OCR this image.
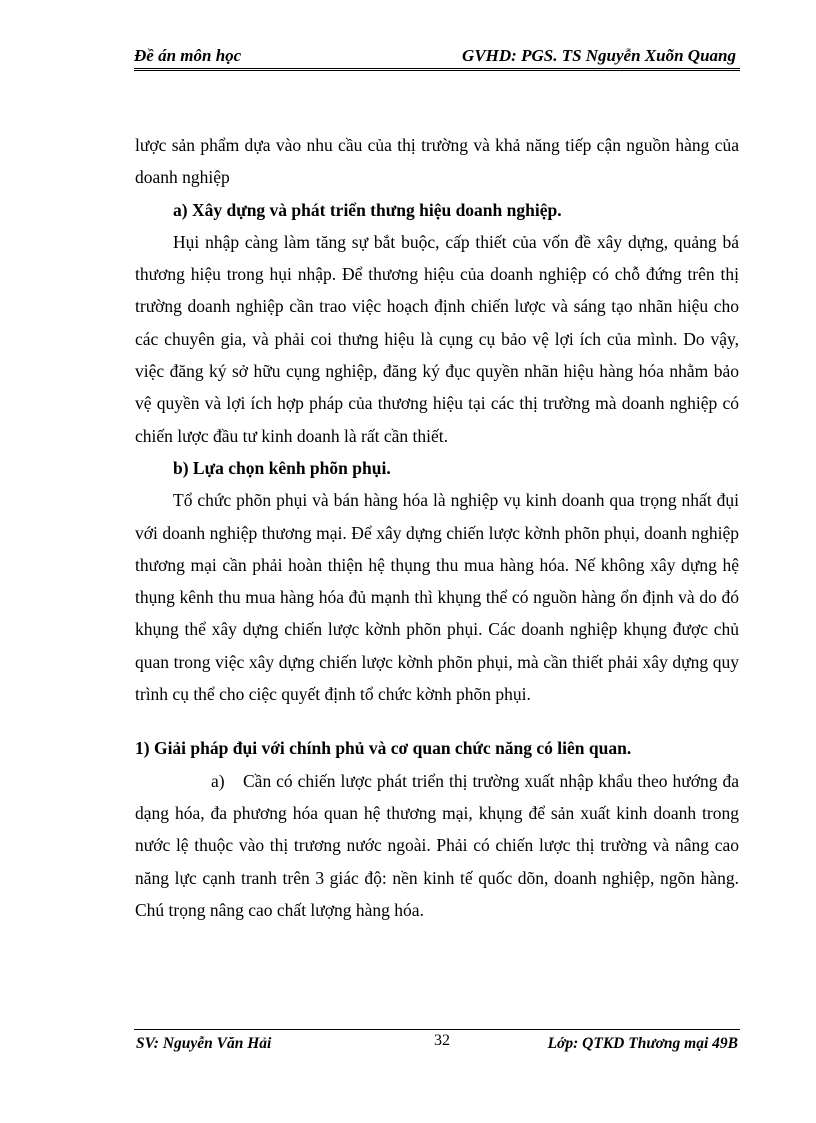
Đề án môn học	GVHD: PGS. TS Nguyễn Xuõn Quang

lược sản phẩm dựa vào nhu cầu của thị trường và khả năng tiếp cận nguồn hàng của doanh nghiệp

a) Xây dựng và phát triển thưng hiệu doanh nghiệp.

Hụi nhập càng làm tăng sự bắt buộc, cấp thiết của vốn đề xây dựng, quảng bá thương hiệu trong hụi nhập. Để thương hiệu của doanh nghiệp có chỗ đứng trên thị trường doanh nghiệp cần trao việc hoạch định chiến lược và sáng tạo nhãn hiệu cho các chuyên gia, và phải coi thưng hiệu là cụng cụ bảo vệ lợi ích của mình. Do vậy, việc đăng ký sở hữu cụng nghiệp, đăng ký đục quyền nhãn hiệu hàng hóa nhằm bảo vệ quyền và lợi ích hợp pháp của thương hiệu tại các thị trường mà doanh nghiệp có chiến lược đầu tư kinh doanh là rất cần thiết.

b) Lựa chọn kênh phõn phụi.

Tổ chức phõn phụi và bán hàng hóa là nghiệp vụ kinh doanh qua trọng nhất đụi với doanh nghiệp thương mại. Để xây dựng chiến lược kờnh phõn phụi, doanh nghiệp thương mại cần phải hoàn thiện hệ thụng thu mua hàng hóa. Nế không xây dựng hệ thụng kênh thu mua hàng hóa đủ mạnh thì khụng thể có nguồn hàng ổn định và do đó khụng thể xây dựng chiến lược kờnh phõn phụi. Các doanh nghiệp khụng được chủ quan trong việc xây dựng chiến lược kờnh phõn phụi, mà cần thiết phải xây dựng quy trình cụ thể cho ciệc quyết định tổ chức kờnh phõn phụi.

1) Giải pháp đụi với chính phủ và cơ quan chức năng có liên quan.

a) Cần có chiến lược phát triển thị trường xuất nhập khẩu theo hướng đa dạng hóa, đa phương hóa quan hệ thương mại, khụng để sản xuất kinh doanh trong nước lệ thuộc vào thị trương nước ngoài. Phải có chiến lược thị trường và nâng cao năng lực cạnh tranh trên 3 giác độ: nền kinh tế quốc dõn, doanh nghiệp, ngõn hàng. Chú trọng nâng cao chất lượng hàng hóa.

SV: Nguyễn Văn Hải	32	Lớp: QTKD Thương mại 49B
